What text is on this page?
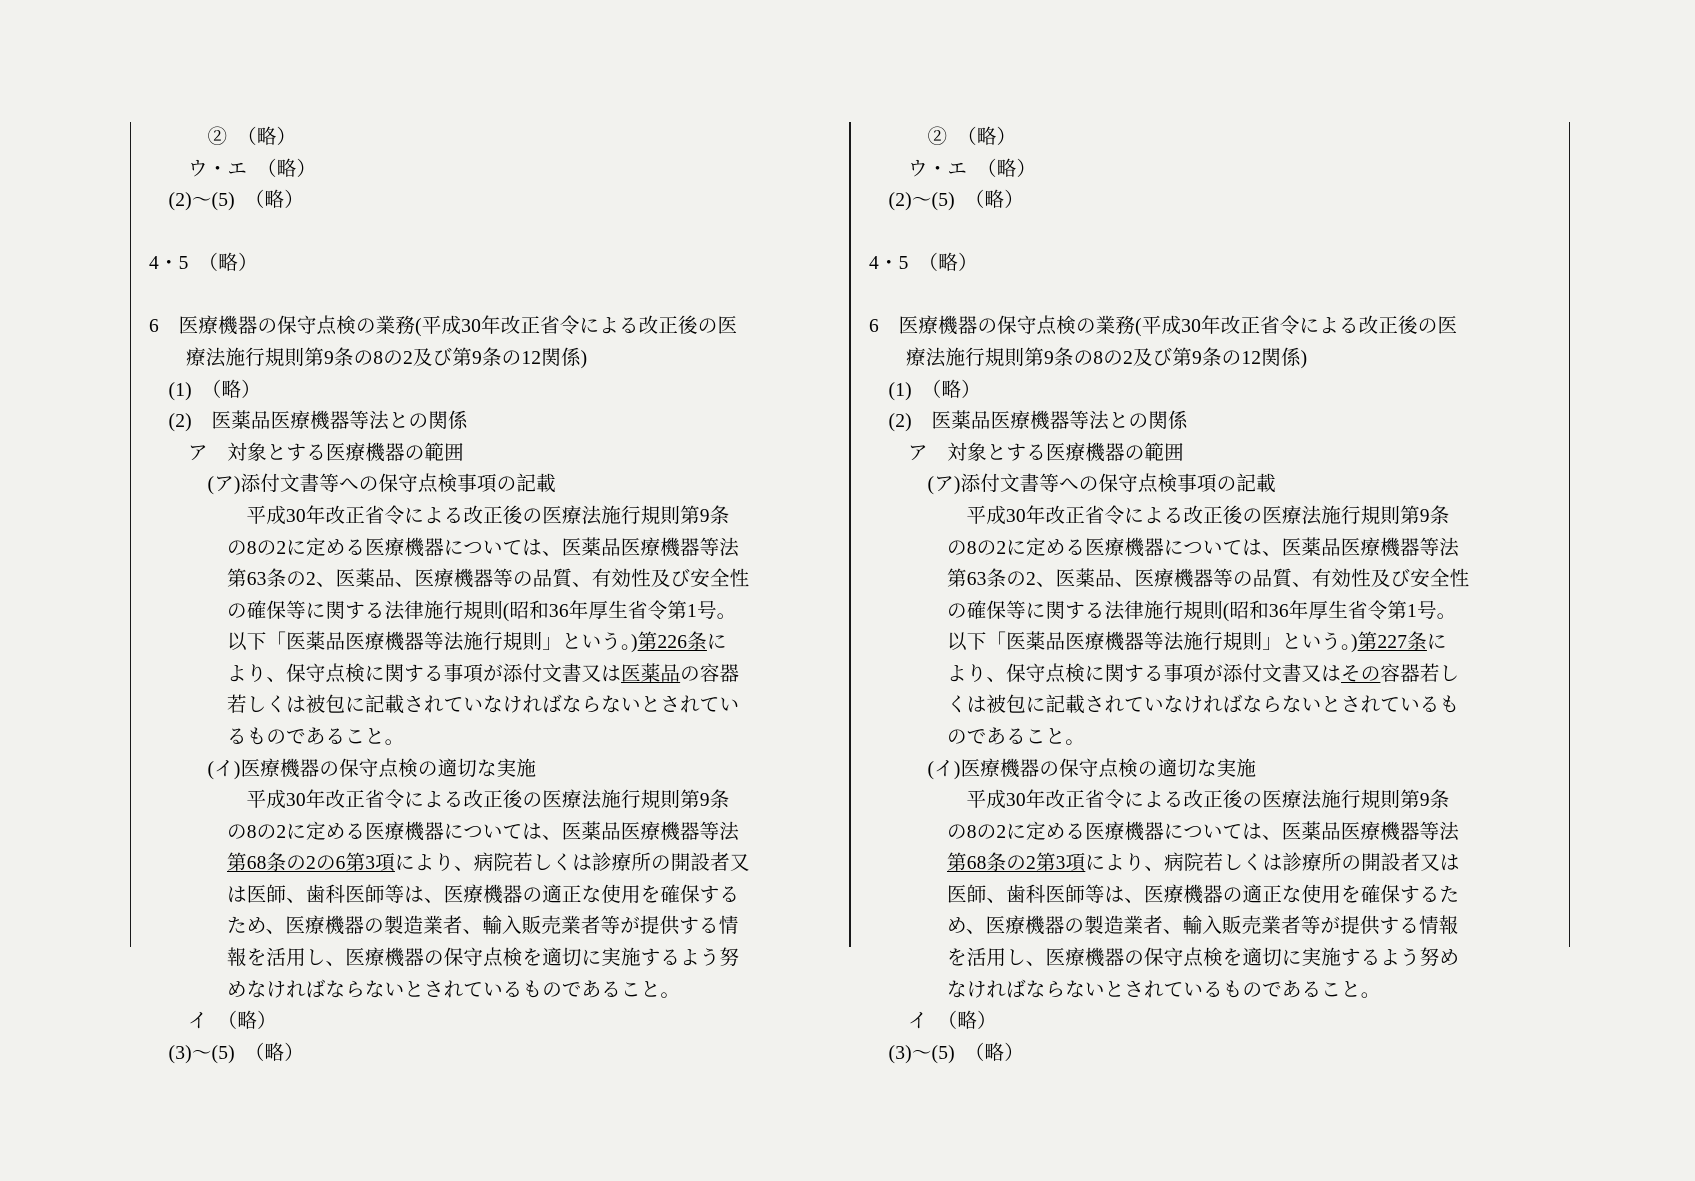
②　（略）
ウ・エ　（略）
(2)～(5)　（略）
4・5　（略）
6　医療機器の保守点検の業務(平成30年改正省令による改正後の医
療法施行規則第9条の8の2及び第9条の12関係)
(1)　（略）
(2)　医薬品医療機器等法との関係
ア　対象とする医療機器の範囲
(ア)添付文書等への保守点検事項の記載
平成30年改正省令による改正後の医療法施行規則第9条
の8の2に定める医療機器については、医薬品医療機器等法
第63条の2、医薬品、医療機器等の品質、有効性及び安全性
の確保等に関する法律施行規則(昭和36年厚生省令第1号。
以下「医薬品医療機器等法施行規則」という。)第226条に
より、保守点検に関する事項が添付文書又は医薬品の容器
若しくは被包に記載されていなければならないとされてい
るものであること。
(イ)医療機器の保守点検の適切な実施
平成30年改正省令による改正後の医療法施行規則第9条
の8の2に定める医療機器については、医薬品医療機器等法
第68条の2の6第3項により、病院若しくは診療所の開設者又
は医師、歯科医師等は、医療機器の適正な使用を確保する
ため、医療機器の製造業者、輸入販売業者等が提供する情
報を活用し、医療機器の保守点検を適切に実施するよう努
めなければならないとされているものであること。
イ　（略）
(3)～(5)　（略）
②　（略）
ウ・エ　（略）
(2)～(5)　（略）
4・5　（略）
6　医療機器の保守点検の業務(平成30年改正省令による改正後の医
療法施行規則第9条の8の2及び第9条の12関係)
(1)　（略）
(2)　医薬品医療機器等法との関係
ア　対象とする医療機器の範囲
(ア)添付文書等への保守点検事項の記載
平成30年改正省令による改正後の医療法施行規則第9条
の8の2に定める医療機器については、医薬品医療機器等法
第63条の2、医薬品、医療機器等の品質、有効性及び安全性
の確保等に関する法律施行規則(昭和36年厚生省令第1号。
以下「医薬品医療機器等法施行規則」という。)第227条に
より、保守点検に関する事項が添付文書又はその容器若し
くは被包に記載されていなければならないとされているも
のであること。
(イ)医療機器の保守点検の適切な実施
平成30年改正省令による改正後の医療法施行規則第9条
の8の2に定める医療機器については、医薬品医療機器等法
第68条の2第3項により、病院若しくは診療所の開設者又は
医師、歯科医師等は、医療機器の適正な使用を確保するた
め、医療機器の製造業者、輸入販売業者等が提供する情報
を活用し、医療機器の保守点検を適切に実施するよう努め
なければならないとされているものであること。
イ　（略）
(3)～(5)　（略）
